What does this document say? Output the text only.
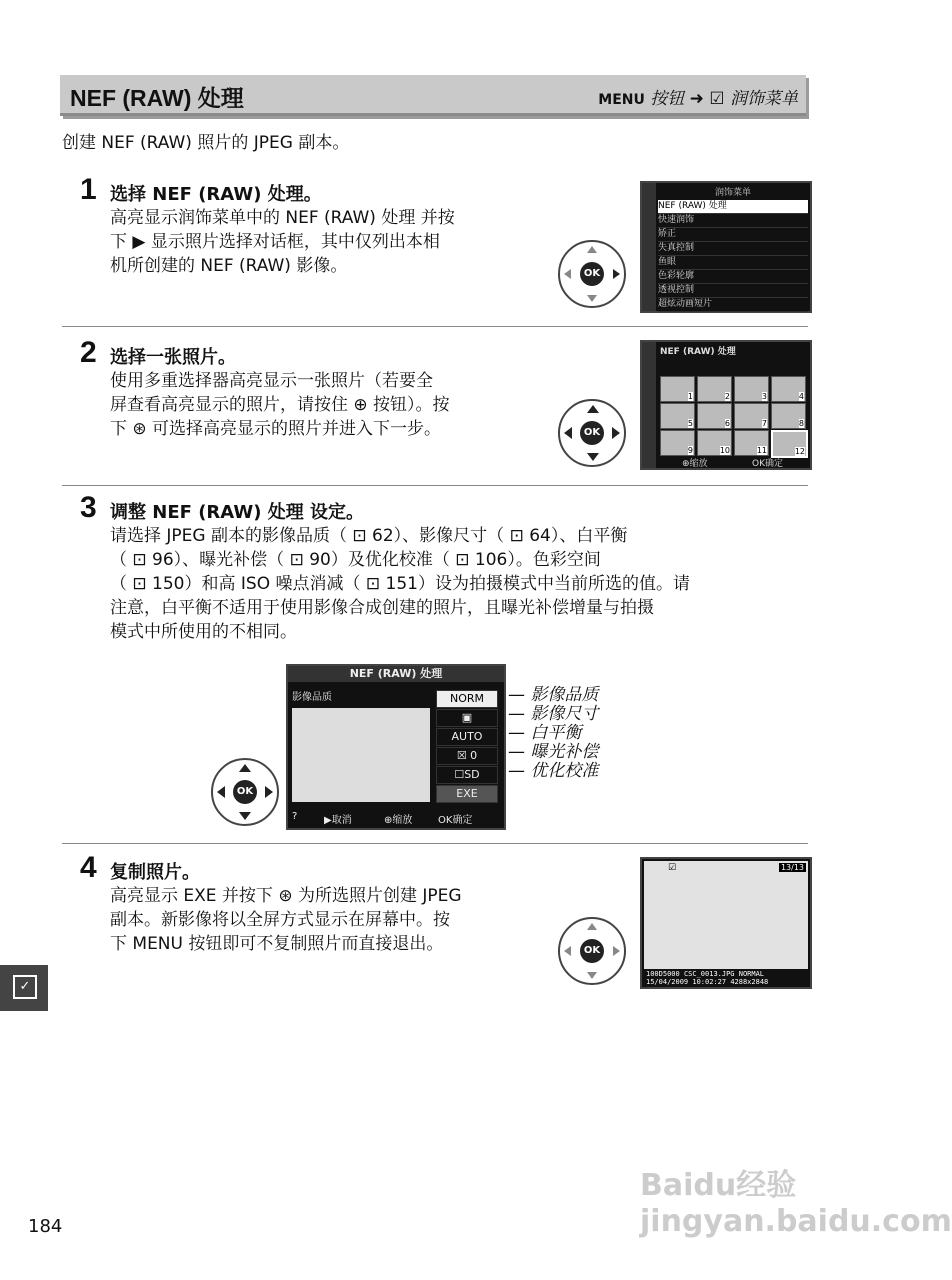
NEF (RAW) 处理	MENU 按钮 ➜ ☑ 润饰菜单
创建 NEF (RAW) 照片的 JPEG 副本。
1 选择 NEF (RAW) 处理。
高亮显示润饰菜单中的 NEF (RAW) 处理 并按
下 ▶ 显示照片选择对话框，其中仅列出本相
机所创建的 NEF (RAW) 影像。	OK
润饰菜单
NEF (RAW) 处理
快速润饰
矫正
失真控制
鱼眼
色彩轮廓
透视控制
超炫动画短片
2 选择一张照片。
使用多重选择器高亮显示一张照片（若要全
屏查看高亮显示的照片，请按住 ⊕ 按钮）。按
下 ⊛ 可选择高亮显示的照片并进入下一步。	OK
NEF (RAW) 处理
1	2	3	4
5	6	7	8
9	10	11	12
⊕缩放	OK确定
3 调整 NEF (RAW) 处理 设定。
请选择 JPEG 副本的影像品质（ ⊡ 62）、影像尺寸（ ⊡ 64）、白平衡
（ ⊡ 96）、曝光补偿（ ⊡ 90）及优化校准（ ⊡ 106）。色彩空间
（ ⊡ 150）和高 ISO 噪点消减（ ⊡ 151）设为拍摄模式中当前所选的值。请
注意，白平衡不适用于使用影像合成创建的照片，且曝光补偿增量与拍摄
模式中所使用的不相同。
OK
NEF (RAW) 处理
影像品质	NORM
▣
AUTO
☒ 0
☐SD
EXE
?	▶取消	⊕缩放	OK确定
— 影像品质
— 影像尺寸
— 白平衡
— 曝光补偿
— 优化校准
4 复制照片。
高亮显示 EXE 并按下 ⊛ 为所选照片创建 JPEG
副本。新影像将以全屏方式显示在屏幕中。按
下 MENU 按钮即可不复制照片而直接退出。	OK
☑	13/13
100D5000 CSC_0013.JPG NORMAL
15/04/2009 10:02:27 4288x2848
✓
184
Baidu经验 jingyan.baidu.com
